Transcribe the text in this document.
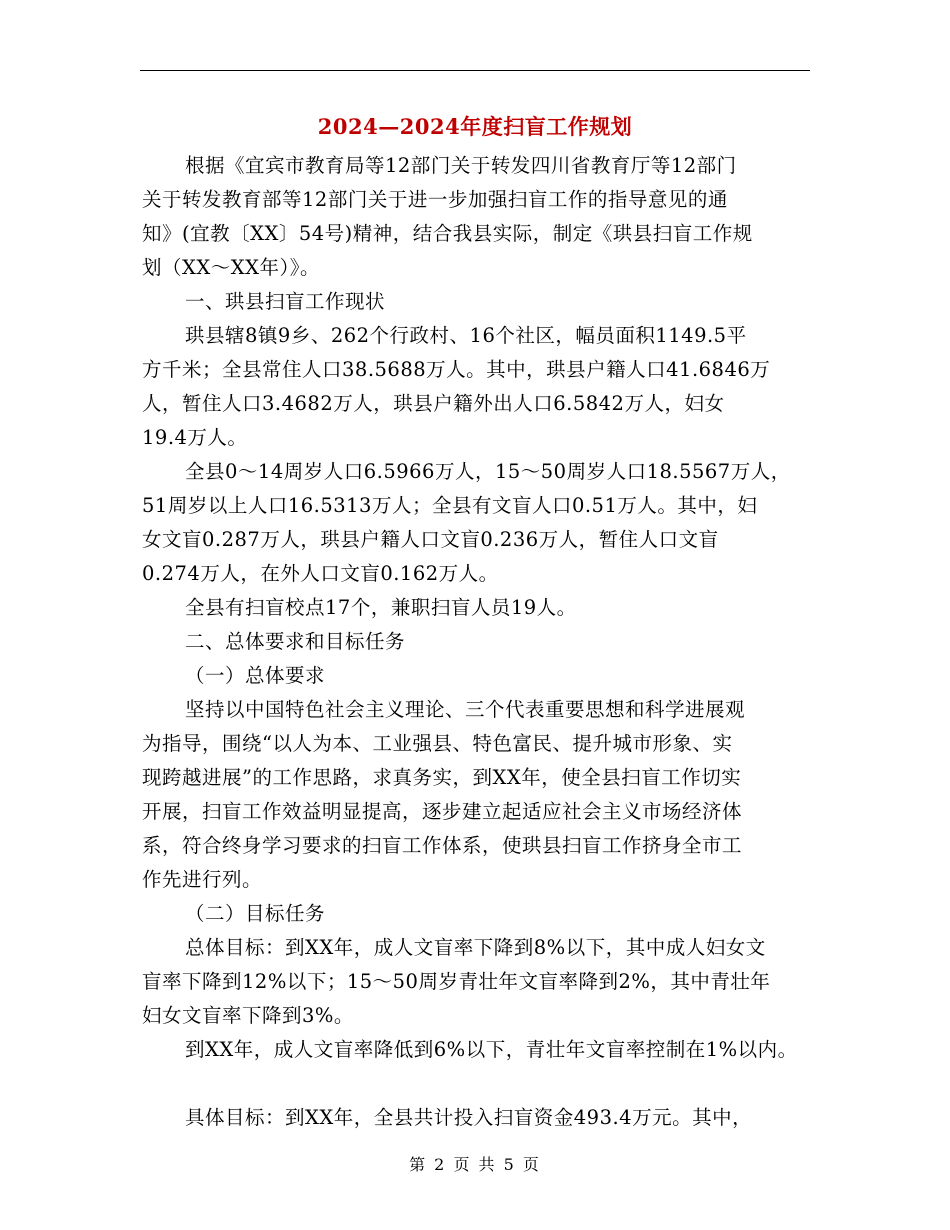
2024—2024年度扫盲工作规划

根据《宜宾市教育局等12部门关于转发四川省教育厅等12部门
关于转发教育部等12部门关于进一步加强扫盲工作的指导意见的通
知》(宜教〔XX〕54号)精神，结合我县实际，制定《珙县扫盲工作规
划（XX～XX年）》。

一、珙县扫盲工作现状

珙县辖8镇9乡、262个行政村、16个社区，幅员面积1149.5平
方千米；全县常住人口38.5688万人。其中，珙县户籍人口41.6846万
人，暂住人口3.4682万人，珙县户籍外出人口6.5842万人，妇女
19.4万人。

全县0～14周岁人口6.5966万人，15～50周岁人口18.5567万人，
51周岁以上人口16.5313万人；全县有文盲人口0.51万人。其中，妇
女文盲0.287万人，珙县户籍人口文盲0.236万人，暂住人口文盲
0.274万人，在外人口文盲0.162万人。

全县有扫盲校点17个，兼职扫盲人员19人。

二、总体要求和目标任务

（一）总体要求

坚持以中国特色社会主义理论、三个代表重要思想和科学进展观
为指导，围绕“以人为本、工业强县、特色富民、提升城市形象、实
现跨越进展”的工作思路，求真务实，到XX年，使全县扫盲工作切实
开展，扫盲工作效益明显提高，逐步建立起适应社会主义市场经济体
系，符合终身学习要求的扫盲工作体系，使珙县扫盲工作挤身全市工
作先进行列。

（二）目标任务

总体目标：到XX年，成人文盲率下降到8%以下，其中成人妇女文
盲率下降到12%以下；15～50周岁青壮年文盲率降到2%，其中青壮年
妇女文盲率下降到3%。

到XX年，成人文盲率降低到6%以下，青壮年文盲率控制在1%以内。

具体目标：到XX年，全县共计投入扫盲资金493.4万元。其中，

第 2 页 共 5 页
